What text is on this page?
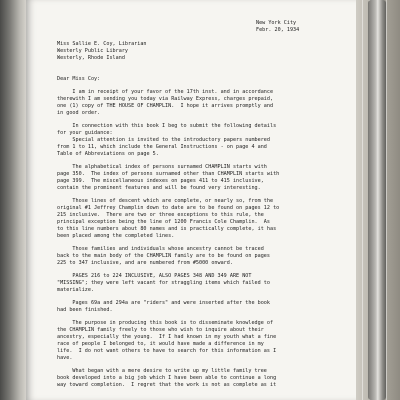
New York City

Febr. 20, 1934

Miss Sallie E. Coy, Librarian

Westerly Public Library

Westerly, Rhode Island

Dear Miss Coy:

I am in receipt of your favor of the 17th inst. and in accordance

therewith I am sending you today via Railway Express, charges prepaid,

one (1) copy of THE HOUSE OF CHAMPLIN.  I hope it arrives promptly and

in good order.

In connection with this book I beg to submit the following details

for your guidance:

Special attention is invited to the introductory papers numbered

from 1 to 11, which include the General Instructions - on page 4 and

Table of Abbreviations on page 5.

The alphabetical index of persons surnamed CHAMPLIN starts with

page 350.  The index of persons surnamed other than CHAMPLIN starts with

page 399.  The miscellaneous indexes on pages 411 to 415 inclusive,

contain the prominent features and will be found very interesting.

Those lines of descent which are complete, or nearly so, from the

original #1 Jeffrey Champlin down to date are to be found on pages 12 to

215 inclusive.  There are two or three exceptions to this rule, the

principal exception being the line of 1200 Francis Cole Champlin.  As

to this line numbers about 80 names and is practically complete, it has

been placed among the completed lines.

Those families and individuals whose ancestry cannot be traced

back to the main body of the CHAMPLIN family are to be found on pages

225 to 347 inclusive, and are numbered from #5000 onward.

PAGES 216 to 224 INCLUSIVE, ALSO PAGES 348 AND 349 ARE NOT

"MISSING"; they were left vacant for straggling items which failed to

materialize.

Pages 69a and 294a are "riders" and were inserted after the book

had been finished.

The purpose in producing this book is to disseminate knowledge of

the CHAMPLIN family freely to those who wish to inquire about their

ancestry, especially the young.  If I had known in my youth what a fine

race of people I belonged to, it would have made a difference in my

life.  I do not want others to have to search for this information as I

have.

What began with a mere desire to write up my little family tree

book developed into a big job which I have been able to continue a long

way toward completion.  I regret that the work is not as complete as it
